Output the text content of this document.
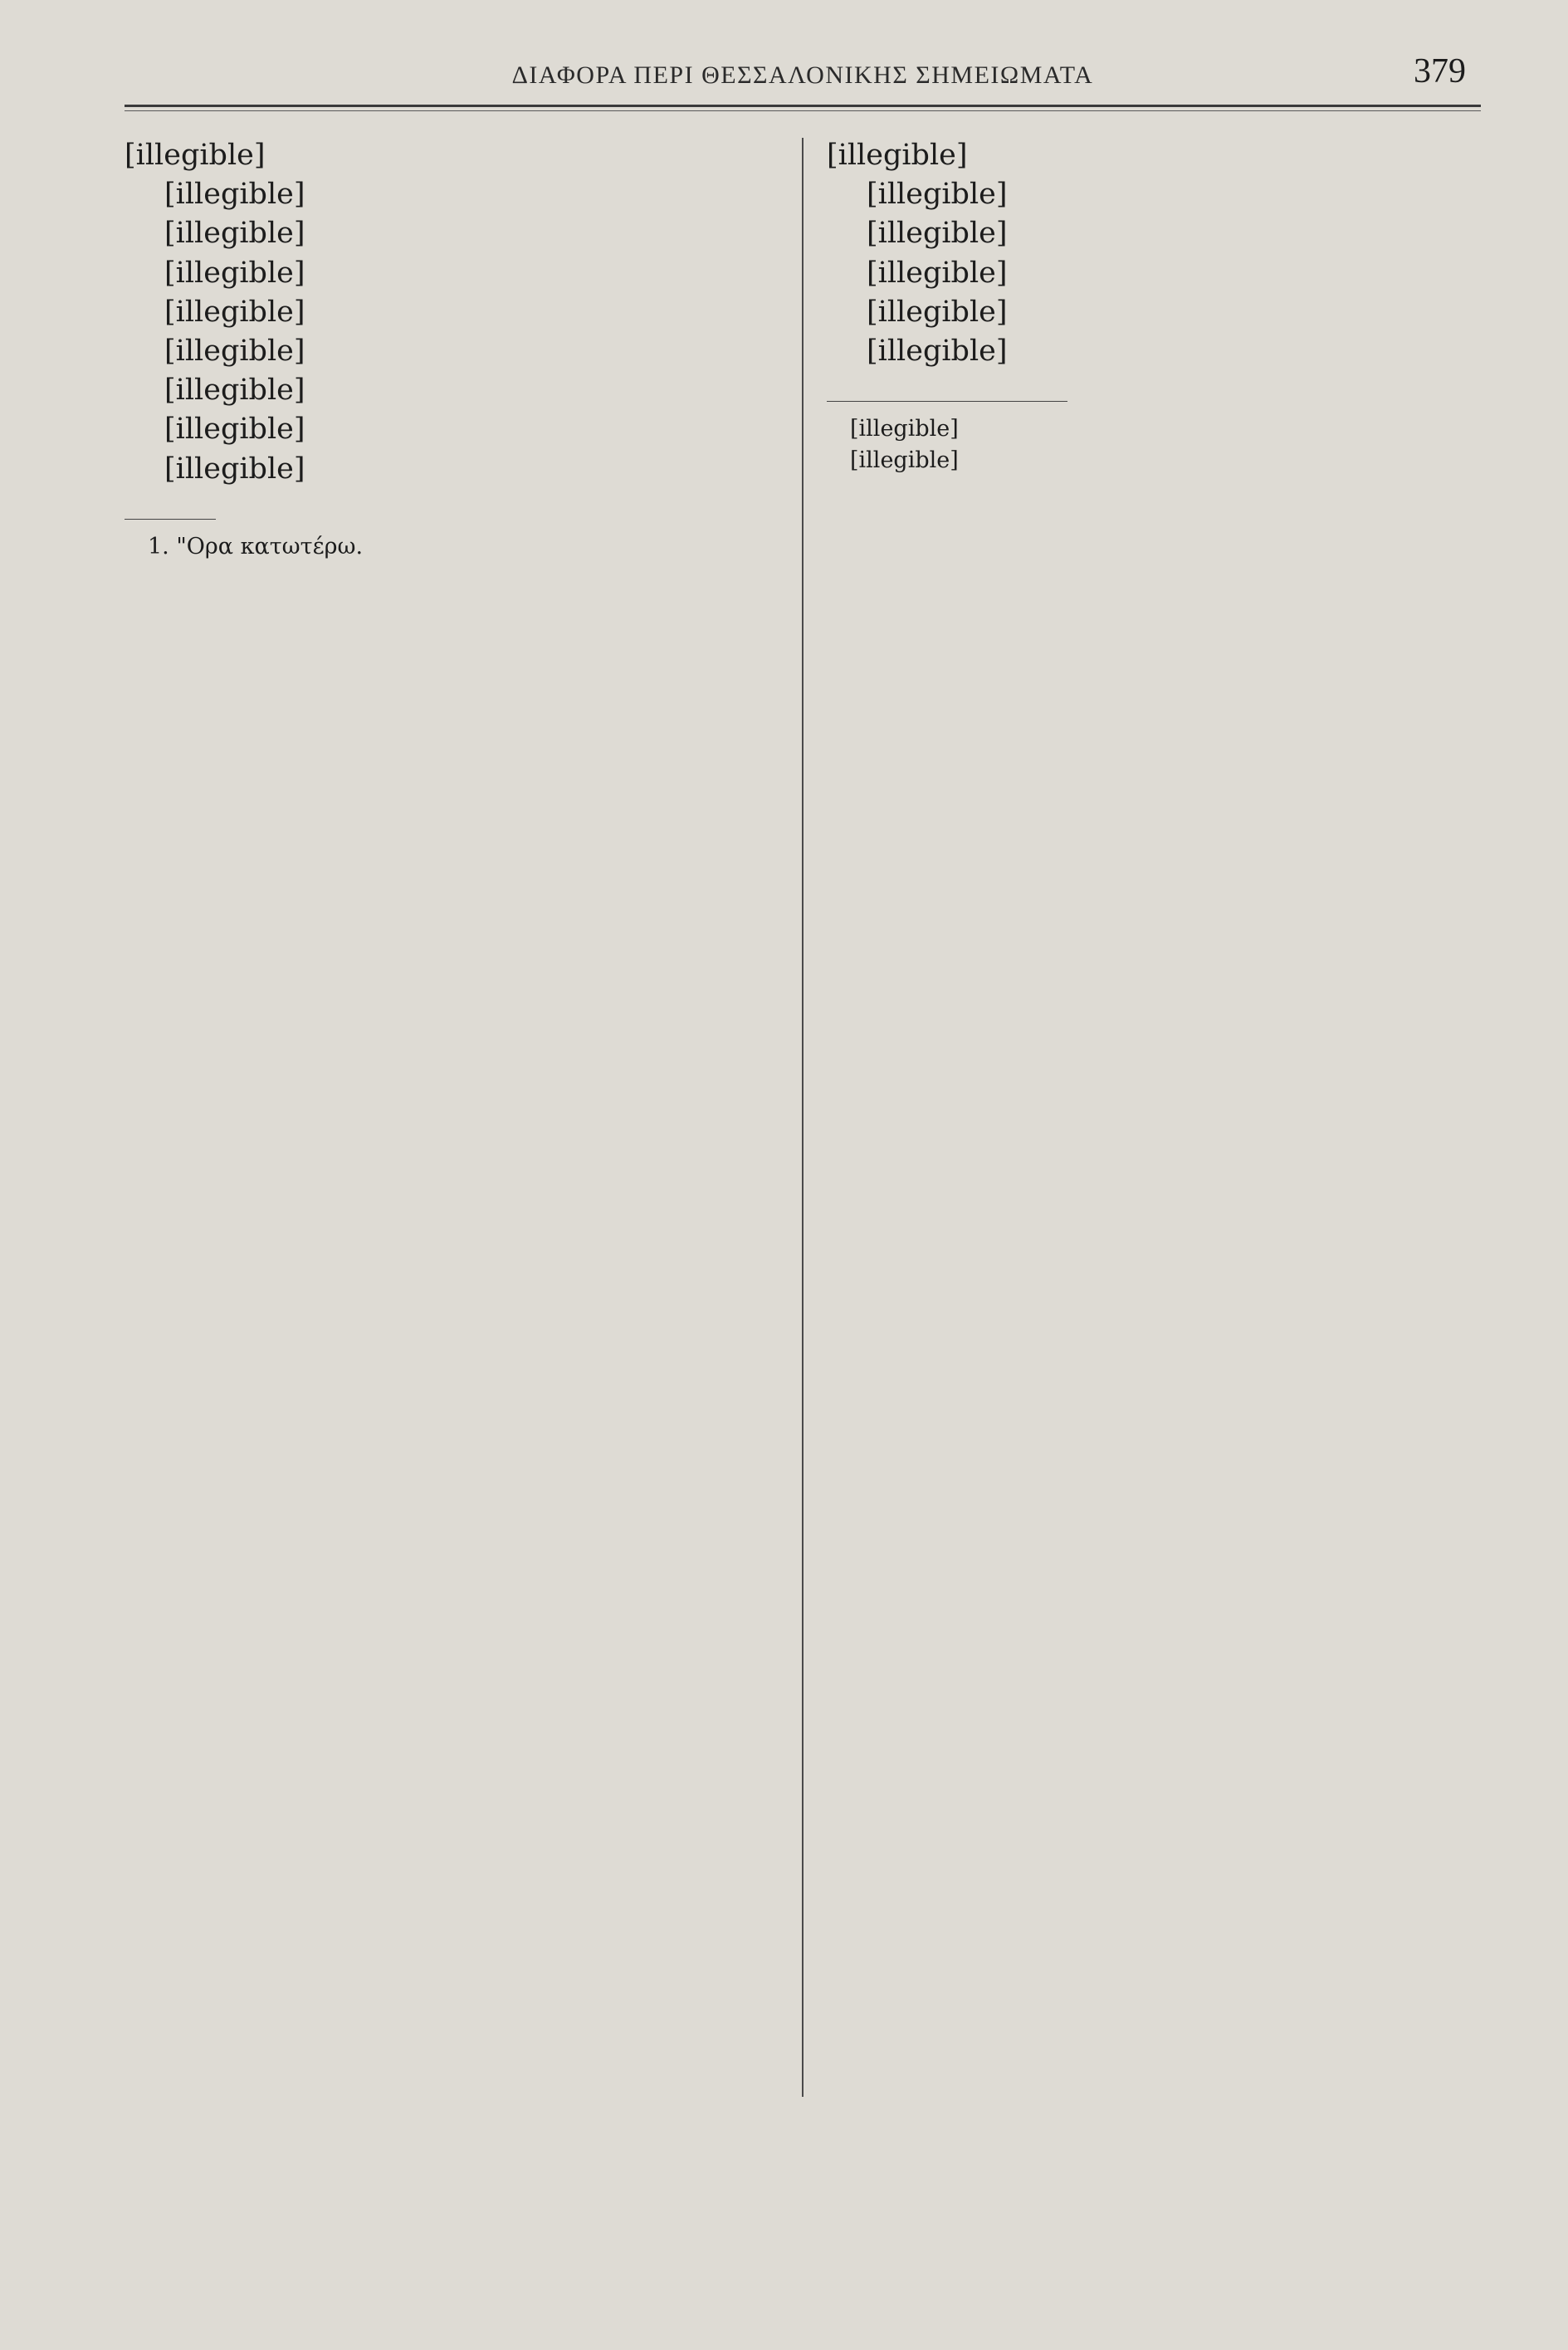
ΔΙΑΦΟΡΑ ΠΕΡΙ ΘΕΣΣΑΛΟΝΙΚΗΣ ΣΗΜΕΙΩΜΑΤΑ	379

[illegible]

[illegible]

[illegible]

[illegible]

[illegible]

[illegible]

[illegible]

[illegible]

[illegible]

1. "Ορα κατωτέρω.

[illegible]

[illegible]

[illegible]

[illegible]

[illegible]

[illegible]

[illegible]

[illegible]
